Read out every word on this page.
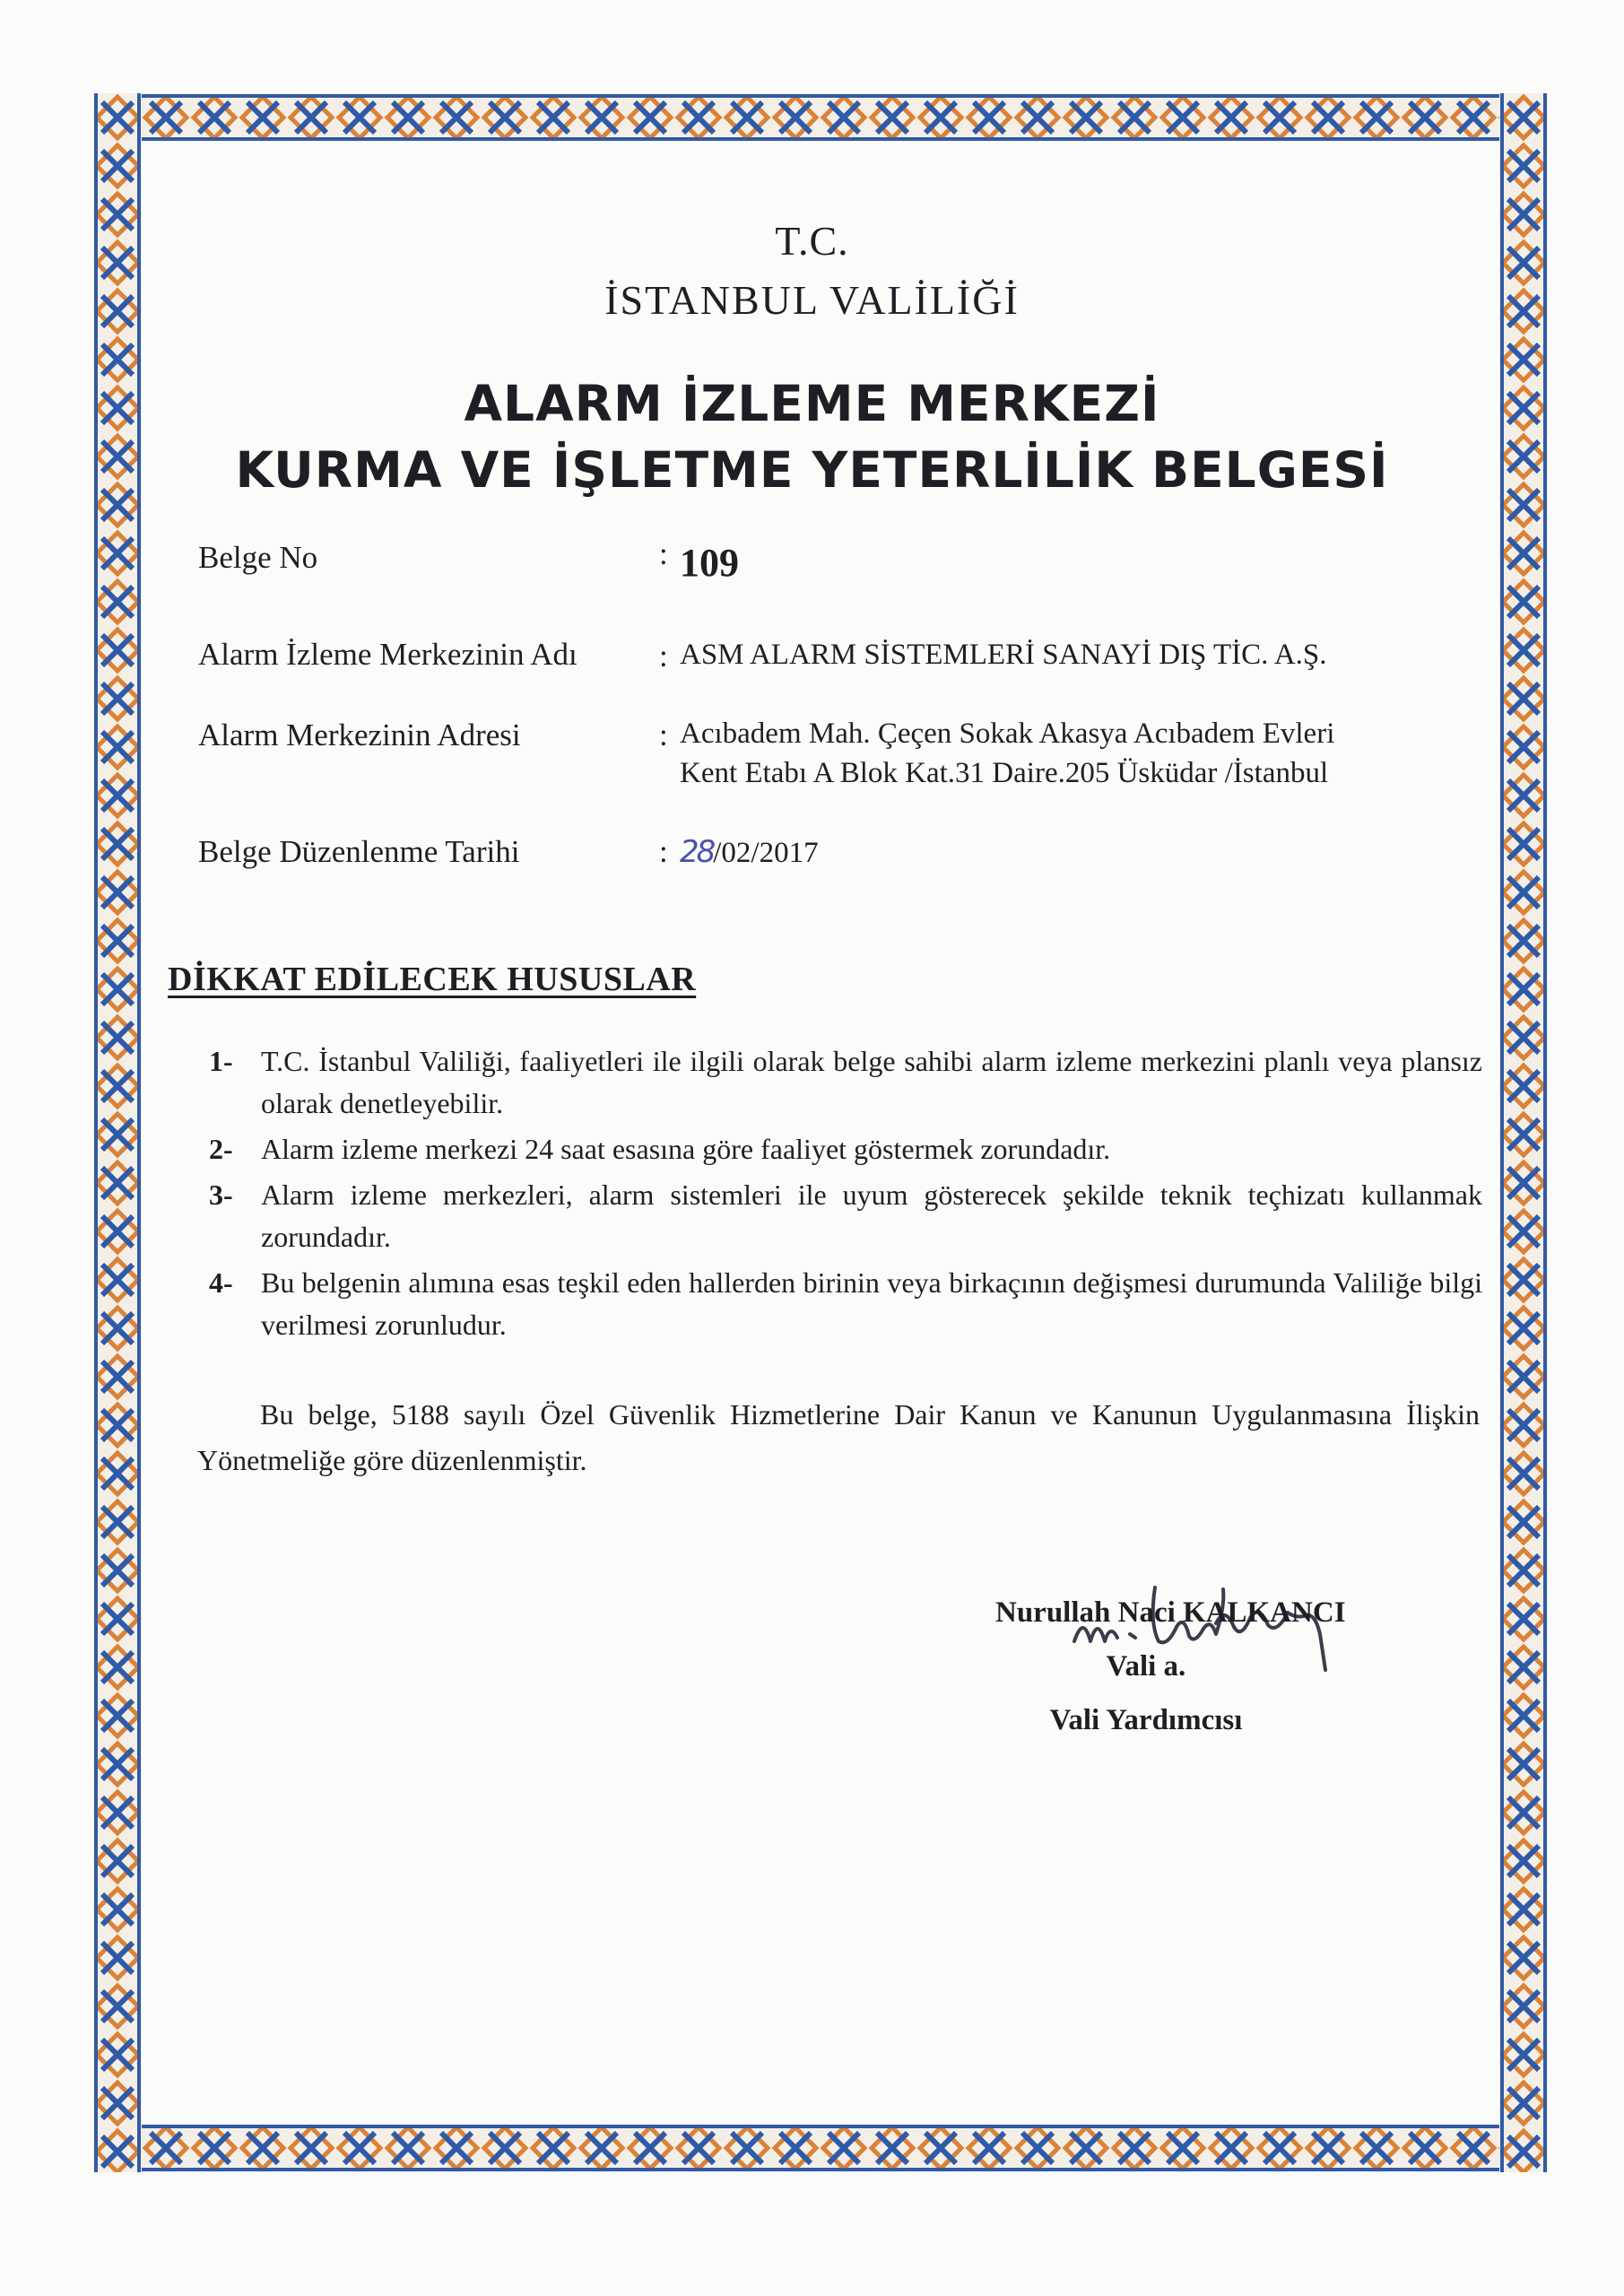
T.C.
İSTANBUL VALİLİĞİ
ALARM İZLEME MERKEZİ
KURMA VE İŞLETME YETERLİLİK BELGESİ
Belge No	: 109
Alarm İzleme Merkezinin Adı	: ASM ALARM SİSTEMLERİ SANAYİ DIŞ TİC. A.Ş.
Alarm Merkezinin Adresi	: Acıbadem Mah. Çeçen Sokak Akasya Acıbadem Evleri
Kent Etabı A Blok Kat.31 Daire.205 Üsküdar /İstanbul
Belge Düzenlenme Tarihi	: 28/02/2017
DİKKAT EDİLECEK HUSUSLAR
1- T.C. İstanbul Valiliği, faaliyetleri ile ilgili olarak belge sahibi alarm izleme merkezini planlı veya plansız olarak denetleyebilir.
2- Alarm izleme merkezi 24 saat esasına göre faaliyet göstermek zorundadır.
3- Alarm izleme merkezleri, alarm sistemleri ile uyum gösterecek şekilde teknik teçhizatı kullanmak zorundadır.
4- Bu belgenin alımına esas teşkil eden hallerden birinin veya birkaçının değişmesi durumunda Valiliğe bilgi verilmesi zorunludur.
Bu belge, 5188 sayılı Özel Güvenlik Hizmetlerine Dair Kanun ve Kanunun Uygulanmasına İlişkin Yönetmeliğe göre düzenlenmiştir.
Nurullah Naci KALKANCI
Vali a.
Vali Yardımcısı
